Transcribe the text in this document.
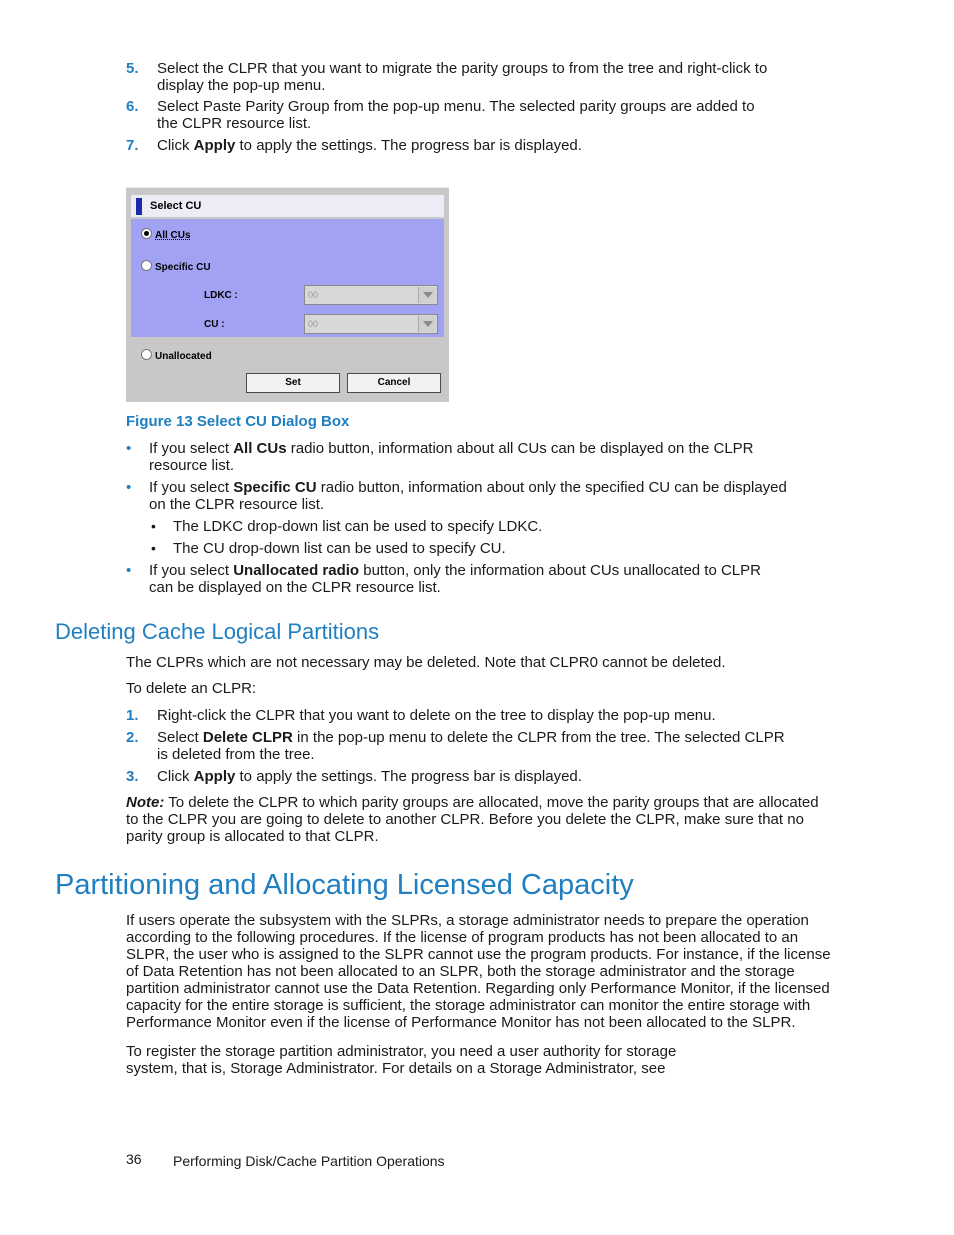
5. Select the CLPR that you want to migrate the parity groups to from the tree and right-click to display the pop-up menu.
6. Select Paste Parity Group from the pop-up menu. The selected parity groups are added to the CLPR resource list.
7. Click Apply to apply the settings. The progress bar is displayed.
Select CU
All CUs
Specific CU
LDKC :	00
CU :	00
Unallocated
Set	Cancel
Figure 13 Select CU Dialog Box
• If you select All CUs radio button, information about all CUs can be displayed on the CLPR resource list.
• If you select Specific CU radio button, information about only the specified CU can be displayed on the CLPR resource list.
• The LDKC drop-down list can be used to specify LDKC.
• The CU drop-down list can be used to specify CU.
• If you select Unallocated radio button, only the information about CUs unallocated to CLPR can be displayed on the CLPR resource list.
Deleting Cache Logical Partitions
The CLPRs which are not necessary may be deleted. Note that CLPR0 cannot be deleted.
To delete an CLPR:
1. Right-click the CLPR that you want to delete on the tree to display the pop-up menu.
2. Select Delete CLPR in the pop-up menu to delete the CLPR from the tree. The selected CLPR is deleted from the tree.
3. Click Apply to apply the settings. The progress bar is displayed.
Note: To delete the CLPR to which parity groups are allocated, move the parity groups that are allocated to the CLPR you are going to delete to another CLPR. Before you delete the CLPR, make sure that no parity group is allocated to that CLPR.
Partitioning and Allocating Licensed Capacity
If users operate the subsystem with the SLPRs, a storage administrator needs to prepare the operation according to the following procedures. If the license of program products has not been allocated to an SLPR, the user who is assigned to the SLPR cannot use the program products. For instance, if the license of Data Retention has not been allocated to an SLPR, both the storage administrator and the storage partition administrator cannot use the Data Retention. Regarding only Performance Monitor, if the licensed capacity for the entire storage is sufficient, the storage administrator can monitor the entire storage with Performance Monitor even if the license of Performance Monitor has not been allocated to the SLPR.
To register the storage partition administrator, you need a user authority for storage system, that is, Storage Administrator. For details on a Storage Administrator, see
36 Performing Disk/Cache Partition Operations
